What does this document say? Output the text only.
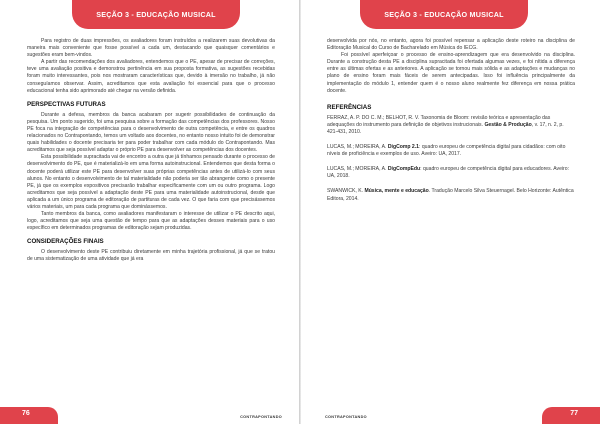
SEÇÃO 3 - EDUCAÇÃO MUSICAL

Para registro de duas impressões, os avaliadores foram instruídos a realizarem suas devolutivas da maneira mais conveniente que fosse possível a cada um, destacando que quaisquer comentários e sugestões eram bem-vindos.

A partir das recomendações dos avaliadores, entendemos que o PE, apesar de precisar de correções, teve uma avaliação positiva e demonstrou pertinência em sua proposta formativa, as sugestões recebidas foram muito interessantes, pois nos mostraram características que, devido à imersão no trabalho, já não conseguíamos observar. Assim, acreditamos que esta avaliação foi essencial para que o processo educacional tenha sido aprimorado até chegar na versão definida.

PERSPECTIVAS FUTURAS

Durante a defesa, membros da banca acabaram por sugerir possibilidades de continuação da pesquisa. Um ponto sugerido, foi uma pesquisa sobre a formação das competências dos professores. Nosso PE foca na integração de competências para o desenvolvimento de outra competência, e entre os quadros relacionados no Contrapontando, temos um voltado aos docentes, no entanto nosso intuito foi de demonstrar quais habilidades o docente precisaria ter para poder trabalhar com cada módulo do Contrapontando. Mas acreditamos que seja possível adaptar o próprio PE para desenvolver as competências dos docentes.

Esta possibilidade supracitada vai de encontro a outra que já tínhamos pensado durante o processo de desenvolvimento do PE, que é materializá-lo em uma forma autoinstrucional. Entendemos que desta forma o docente poderá utilizar este PE para desenvolver suas próprias competências antes de utilizá-lo com seus alunos. No entanto o desenvolvimento de tal materialidade não poderia ser tão abrangente como o presente PE, já que os exemplos expositivos precisarão trabalhar especificamente com um ou outro programa. Logo acreditamos que seja possível a adaptação deste PE para uma materialidade autoinstrucional, desde que aplicada a um único programa de editoração de partituras de cada vez. O que faria com que precisássemos vários materiais, um para cada programa que dominássemos.

Tanto membros da banca, como avaliadores manifestaram o interesse de utilizar o PE descrito aqui, logo, acreditamos que seja uma questão de tempo para que as adaptações desses materiais para o uso específico em determinados programas de editoração sejam produzidas.

CONSIDERAÇÕES FINAIS

O desenvolvimento deste PE contribuiu diretamente em minha trajetória profissional, já que se tratou de uma sistematização de uma atividade que já era

76	CONTRAPONTANDO
SEÇÃO 3 - EDUCAÇÃO MUSICAL

desenvolvida por nós, no entanto, agora foi possível repensar a aplicação deste roteiro na disciplina de Editoração Musical do Curso de Bacharelado em Música do IECG.

Foi possível aperfeiçoar o processo de ensino-aprendizagem que era desenvolvido na disciplina. Durante a construção desta PE a disciplina supracitada foi ofertada algumas vezes, e foi nítida a diferença entre as últimas ofertas e as anteriores. A aplicação se tornou mais sólida e as adaptações e mudanças no plano de ensino foram mais fáceis de serem antecipadas. Isso foi influência principalmente da implementação do módulo 1, entender quem é o nosso aluno realmente fez diferença em nossa prática docente.

REFERÊNCIAS

FERRAZ, A. P. DO C. M.; BELHOT, R. V. Taxonomia de Bloom: revisão teórica e apresentação das adequações do instrumento para definição de objetivos instrucionais. Gestão & Produção, v. 17, n. 2, p. 421-431, 2010.

LUCAS, M.; MOREIRA, A. DigComp 2.1: quadro europeu de competência digital para cidadãos: com oito níveis de proficiência e exemplos de uso. Aveiro: UA, 2017.

LUCAS, M.; MOREIRA, A. DigCompEdu: quadro europeu de competência digital para educadores. Aveiro: UA, 2018.

SWANWICK, K. Música, mente e educação. Tradução Marcelo Silva Steuernagel. Belo Horizonte: Autêntica Editora, 2014.

CONTRAPONTANDO	77
